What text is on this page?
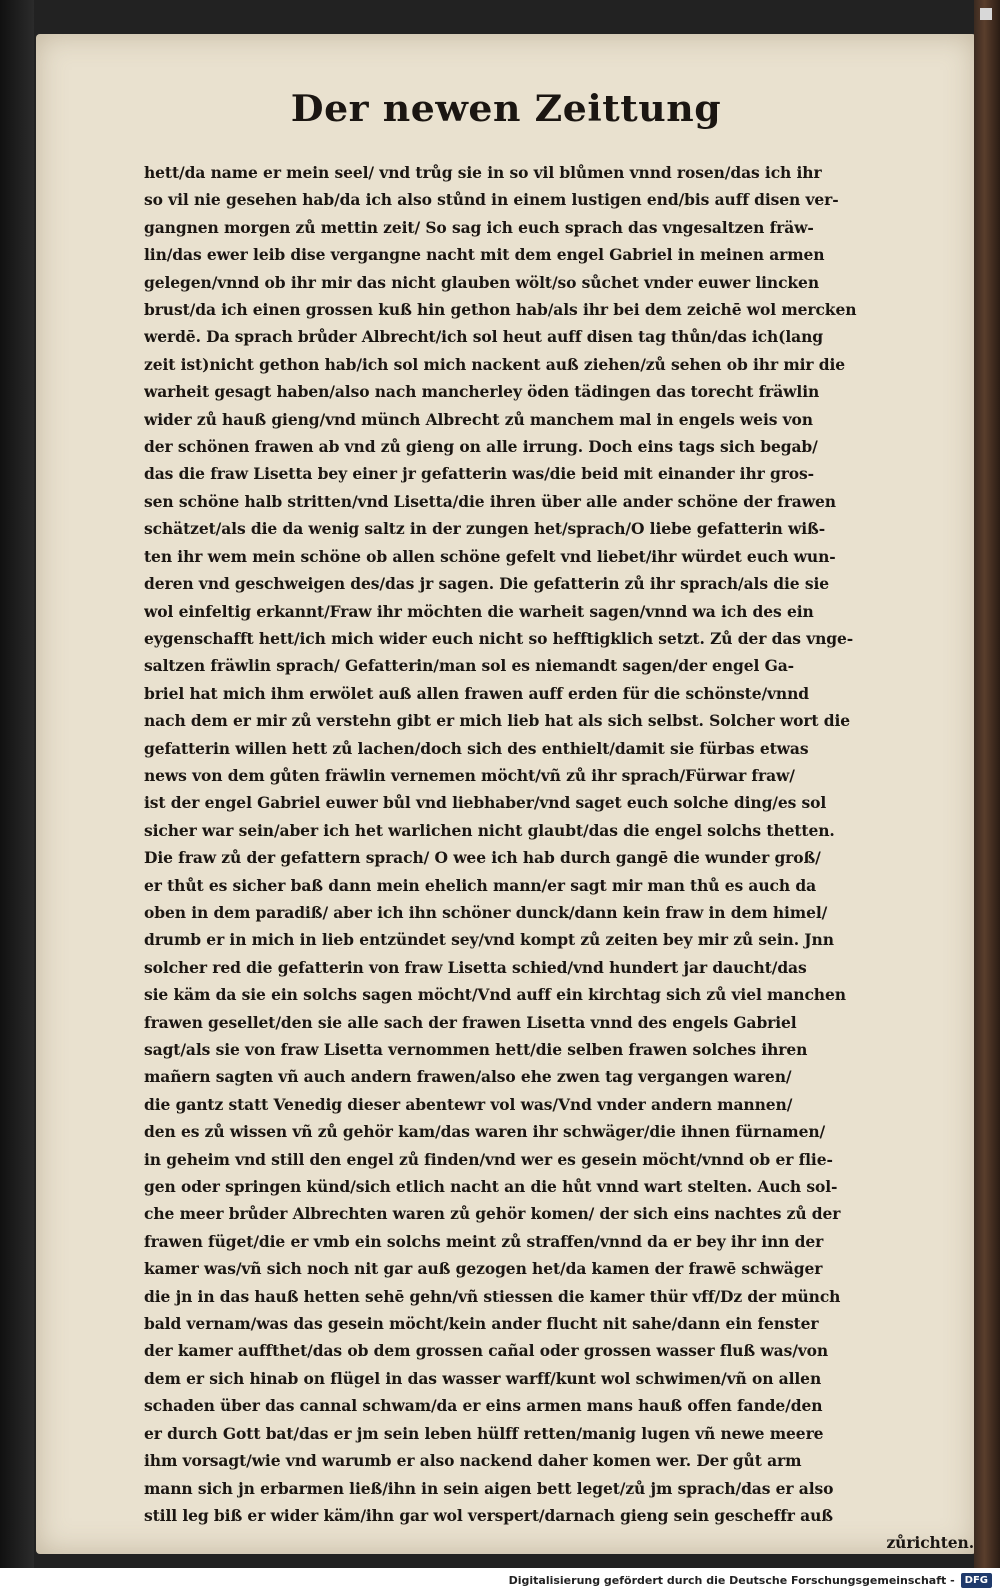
Der newen Zeittung
hett/da name er mein seel/ vnd trůg sie in so vil blůmen vnnd rosen/das ich ihr
so vil nie gesehen hab/da ich also stůnd in einem lustigen end/bis auff disen ver-
gangnen morgen zů mettin zeit/ So sag ich euch sprach das vngesaltzen fräw-
lin/das ewer leib dise vergangne nacht mit dem engel Gabriel in meinen armen
gelegen/vnnd ob ihr mir das nicht glauben wölt/so sůchet vnder euwer lincken
brust/da ich einen grossen kuß hin gethon hab/als ihr bei dem zeichē wol mercken
werdē. Da sprach brůder Albrecht/ich sol heut auff disen tag thůn/das ich(lang
zeit ist)nicht gethon hab/ich sol mich nackent auß ziehen/zů sehen ob ihr mir die
warheit gesagt haben/also nach mancherley öden tädingen das torecht fräwlin
wider zů hauß gieng/vnd münch Albrecht zů manchem mal in engels weis von
der schönen frawen ab vnd zů gieng on alle irrung. Doch eins tags sich begab/
das die fraw Lisetta bey einer jr gefatterin was/die beid mit einander ihr gros-
sen schöne halb stritten/vnd Lisetta/die ihren über alle ander schöne der frawen
schätzet/als die da wenig saltz in der zungen het/sprach/O liebe gefatterin wiß-
ten ihr wem mein schöne ob allen schöne gefelt vnd liebet/ihr würdet euch wun-
deren vnd geschweigen des/das jr sagen. Die gefatterin zů ihr sprach/als die sie
wol einfeltig erkannt/Fraw ihr möchten die warheit sagen/vnnd wa ich des ein
eygenschafft hett/ich mich wider euch nicht so hefftigklich setzt. Zů der das vnge-
saltzen fräwlin sprach/ Gefatterin/man sol es niemandt sagen/der engel Ga-
briel hat mich ihm erwölet auß allen frawen auff erden für die schönste/vnnd
nach dem er mir zů verstehn gibt er mich lieb hat als sich selbst. Solcher wort die
gefatterin willen hett zů lachen/doch sich des enthielt/damit sie fürbas etwas
news von dem gůten fräwlin vernemen möcht/vñ zů ihr sprach/Fürwar fraw/
ist der engel Gabriel euwer bůl vnd liebhaber/vnd saget euch solche ding/es sol
sicher war sein/aber ich het warlichen nicht glaubt/das die engel solchs thetten.
Die fraw zů der gefattern sprach/ O wee ich hab durch gangē die wunder groß/
er thůt es sicher baß dann mein ehelich mann/er sagt mir man thů es auch da
oben in dem paradiß/ aber ich ihn schöner dunck/dann kein fraw in dem himel/
drumb er in mich in lieb entzündet sey/vnd kompt zů zeiten bey mir zů sein. Jnn
solcher red die gefatterin von fraw Lisetta schied/vnd hundert jar daucht/das
sie käm da sie ein solchs sagen möcht/Vnd auff ein kirchtag sich zů viel manchen
frawen gesellet/den sie alle sach der frawen Lisetta vnnd des engels Gabriel
sagt/als sie von fraw Lisetta vernommen hett/die selben frawen solches ihren
mañern sagten vñ auch andern frawen/also ehe zwen tag vergangen waren/
die gantz statt Venedig dieser abentewr vol was/Vnd vnder andern mannen/
den es zů wissen vñ zů gehör kam/das waren ihr schwäger/die ihnen fürnamen/
in geheim vnd still den engel zů finden/vnd wer es gesein möcht/vnnd ob er flie-
gen oder springen künd/sich etlich nacht an die hůt vnnd wart stelten. Auch sol-
che meer brůder Albrechten waren zů gehör komen/ der sich eins nachtes zů der
frawen füget/die er vmb ein solchs meint zů straffen/vnnd da er bey ihr inn der
kamer was/vñ sich noch nit gar auß gezogen het/da kamen der frawē schwäger
die jn in das hauß hetten sehē gehn/vñ stiessen die kamer thür vff/Dz der münch
bald vernam/was das gesein möcht/kein ander flucht nit sahe/dann ein fenster
der kamer auffthet/das ob dem grossen cañal oder grossen wasser fluß was/von
dem er sich hinab on flügel in das wasser warff/kunt wol schwimen/vñ on allen
schaden über das cannal schwam/da er eins armen mans hauß offen fande/den
er durch Gott bat/das er jm sein leben hülff retten/manig lugen vñ newe meere
ihm vorsagt/wie vnd warumb er also nackend daher komen wer. Der gůt arm
mann sich jn erbarmen ließ/ihn in sein aigen bett leget/zů jm sprach/das er also
still leg biß er wider käm/ihn gar wol verspert/darnach gieng sein gescheffr auß
zůrichten.
Digitalisierung gefördert durch die Deutsche Forschungsgemeinschaft -	DFG
